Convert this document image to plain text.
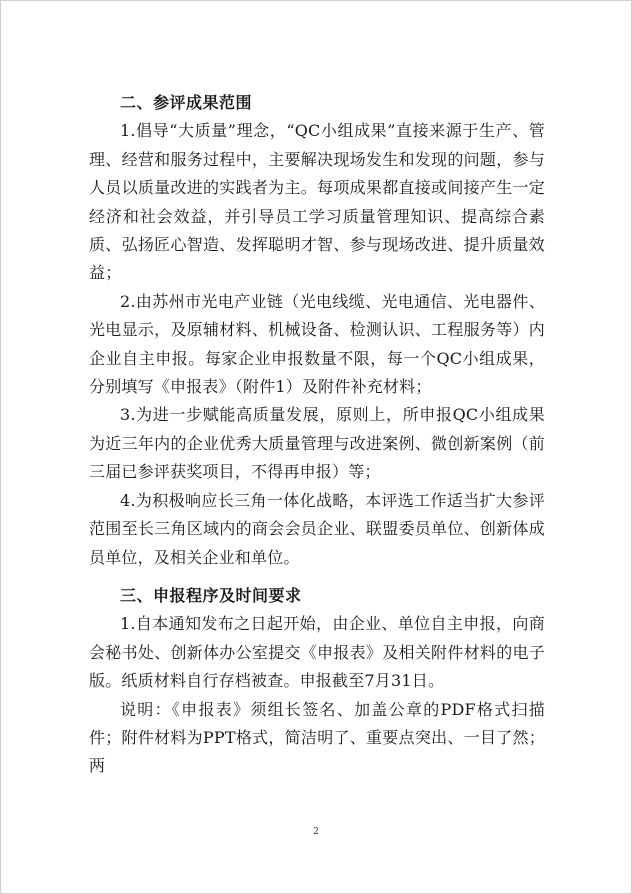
二、参评成果范围

1.倡导“大质量”理念，“QC小组成果”直接来源于生产、管理、经营和服务过程中，主要解决现场发生和发现的问题，参与人员以质量改进的实践者为主。每项成果都直接或间接产生一定经济和社会效益，并引导员工学习质量管理知识、提高综合素质、弘扬匠心智造、发挥聪明才智、参与现场改进、提升质量效益；

2.由苏州市光电产业链（光电线缆、光电通信、光电器件、光电显示，及原辅材料、机械设备、检测认识、工程服务等）内企业自主申报。每家企业申报数量不限，每一个QC小组成果，分别填写《申报表》（附件1）及附件补充材料；

3.为进一步赋能高质量发展，原则上，所申报QC小组成果为近三年内的企业优秀大质量管理与改进案例、微创新案例（前三届已参评获奖项目，不得再申报）等；

4.为积极响应长三角一体化战略，本评选工作适当扩大参评范围至长三角区域内的商会会员企业、联盟委员单位、创新体成员单位，及相关企业和单位。

三、申报程序及时间要求

1.自本通知发布之日起开始，由企业、单位自主申报，向商会秘书处、创新体办公室提交《申报表》及相关附件材料的电子版。纸质材料自行存档被查。申报截至7月31日。

说明：《申报表》须组长签名、加盖公章的PDF格式扫描件；附件材料为PPT格式，简洁明了、重要点突出、一目了然；两

2
